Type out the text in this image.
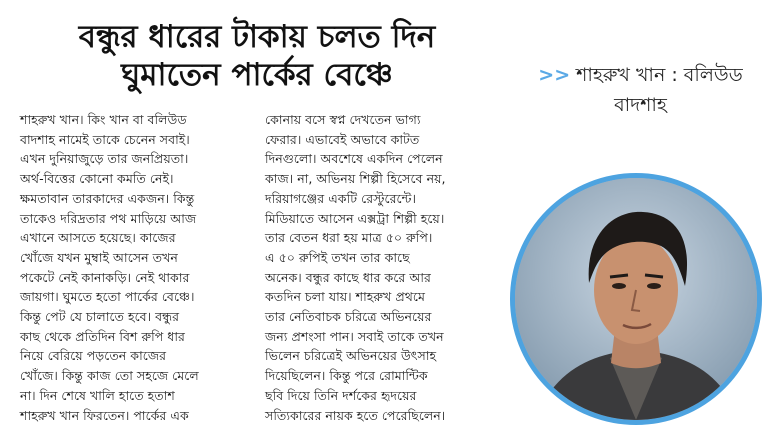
বন্ধুর ধারের টাকায় চলত দিন
ঘুমাতেন পার্কের বেঞ্চে
শাহরুখ খান। কিং খান বা বলিউড
বাদশাহ নামেই তাকে চেনেন সবাই।
এখন দুনিয়াজুড়ে তার জনপ্রিয়তা।
অর্থ-বিত্তের কোনো কমতি নেই।
ক্ষমতাবান তারকাদের একজন। কিন্তু
তাকেও দরিদ্রতার পথ মাড়িয়ে আজ
এখানে আসতে হয়েছে। কাজের
খোঁজে যখন মুম্বাই আসেন তখন
পকেটে নেই কানাকড়ি। নেই থাকার
জায়গা। ঘুমতে হতো পার্কের বেঞ্চে।
কিন্তু পেট যে চালাতে হবে। বন্ধুর
কাছ থেকে প্রতিদিন বিশ রুপি ধার
নিয়ে বেরিয়ে পড়তেন কাজের
খোঁজে। কিন্তু কাজ তো সহজে মেলে
না। দিন শেষে খালি হাতে হতাশ
শাহরুখ খান ফিরতেন। পার্কের এক
কোনায় বসে স্বপ্ন দেখতেন ভাগ্য
ফেরার। এভাবেই অভাবে কাটত
দিনগুলো। অবশেষে একদিন পেলেন
কাজ। না, অভিনয় শিল্পী হিসেবে নয়,
দরিয়াগঞ্জের একটি রেস্টুরেন্টে।
মিডিয়াতে আসেন এক্সট্রা শিল্পী হয়ে।
তার বেতন ধরা হয় মাত্র ৫০ রুপি।
এ ৫০ রুপিই তখন তার কাছে
অনেক। বন্ধুর কাছে ধার করে আর
কতদিন চলা যায়। শাহরুখ প্রথমে
তার নেতিবাচক চরিত্রে অভিনয়ের
জন্য প্রশংসা পান। সবাই তাকে তখন
ভিলেন চরিত্রেই অভিনয়ের উৎসাহ
দিয়েছিলেন। কিন্তু পরে রোমান্টিক
ছবি দিয়ে তিনি দর্শকের হৃদয়ের
সত্যিকারের নায়ক হতে পেরেছিলেন।
>> শাহরুখ খান : বলিউড
বাদশাহ
